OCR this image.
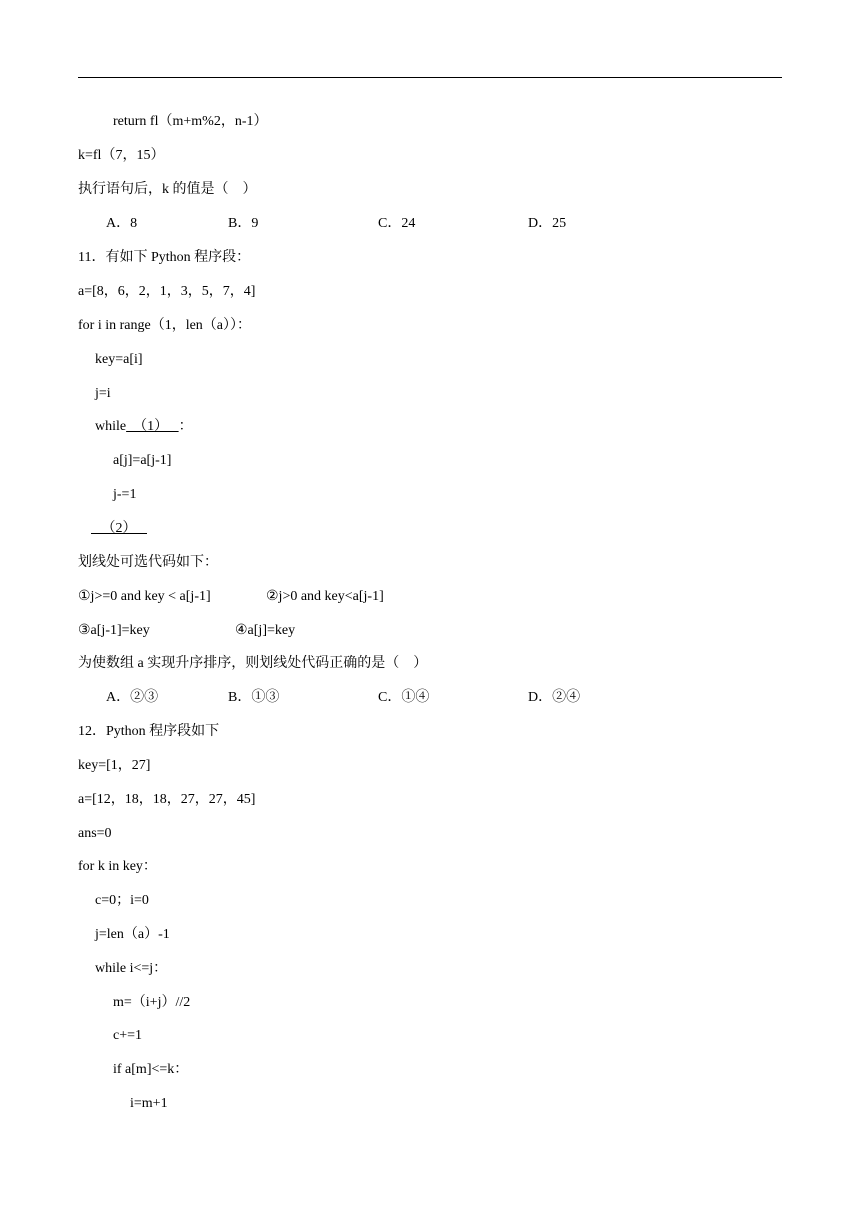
return fl（m+m%2，n-1）
k=fl（7，15）
执行语句后，k 的值是（    ）
A．8	B．9	C．24	D．25
11．有如下 Python 程序段：
a=[8，6，2，1，3，5，7，4]
for i in range（1，len（a））：
key=a[i]
j=i
while  （1）   ：
a[j]=a[j-1]
j-=1
（2）
划线处可选代码如下：
①j>=0 and key < a[j-1]	②j>0 and key<a[j-1]
③a[j-1]=key	④a[j]=key
为使数组 a 实现升序排序，则划线处代码正确的是（    ）
A．②③	B．①③	C．①④	D．②④
12．Python 程序段如下
key=[1，27]
a=[12，18，18，27，27，45]
ans=0
for k in key：
c=0；i=0
j=len（a）-1
while i<=j：
m=（i+j）//2
c+=1
if a[m]<=k：
i=m+1
